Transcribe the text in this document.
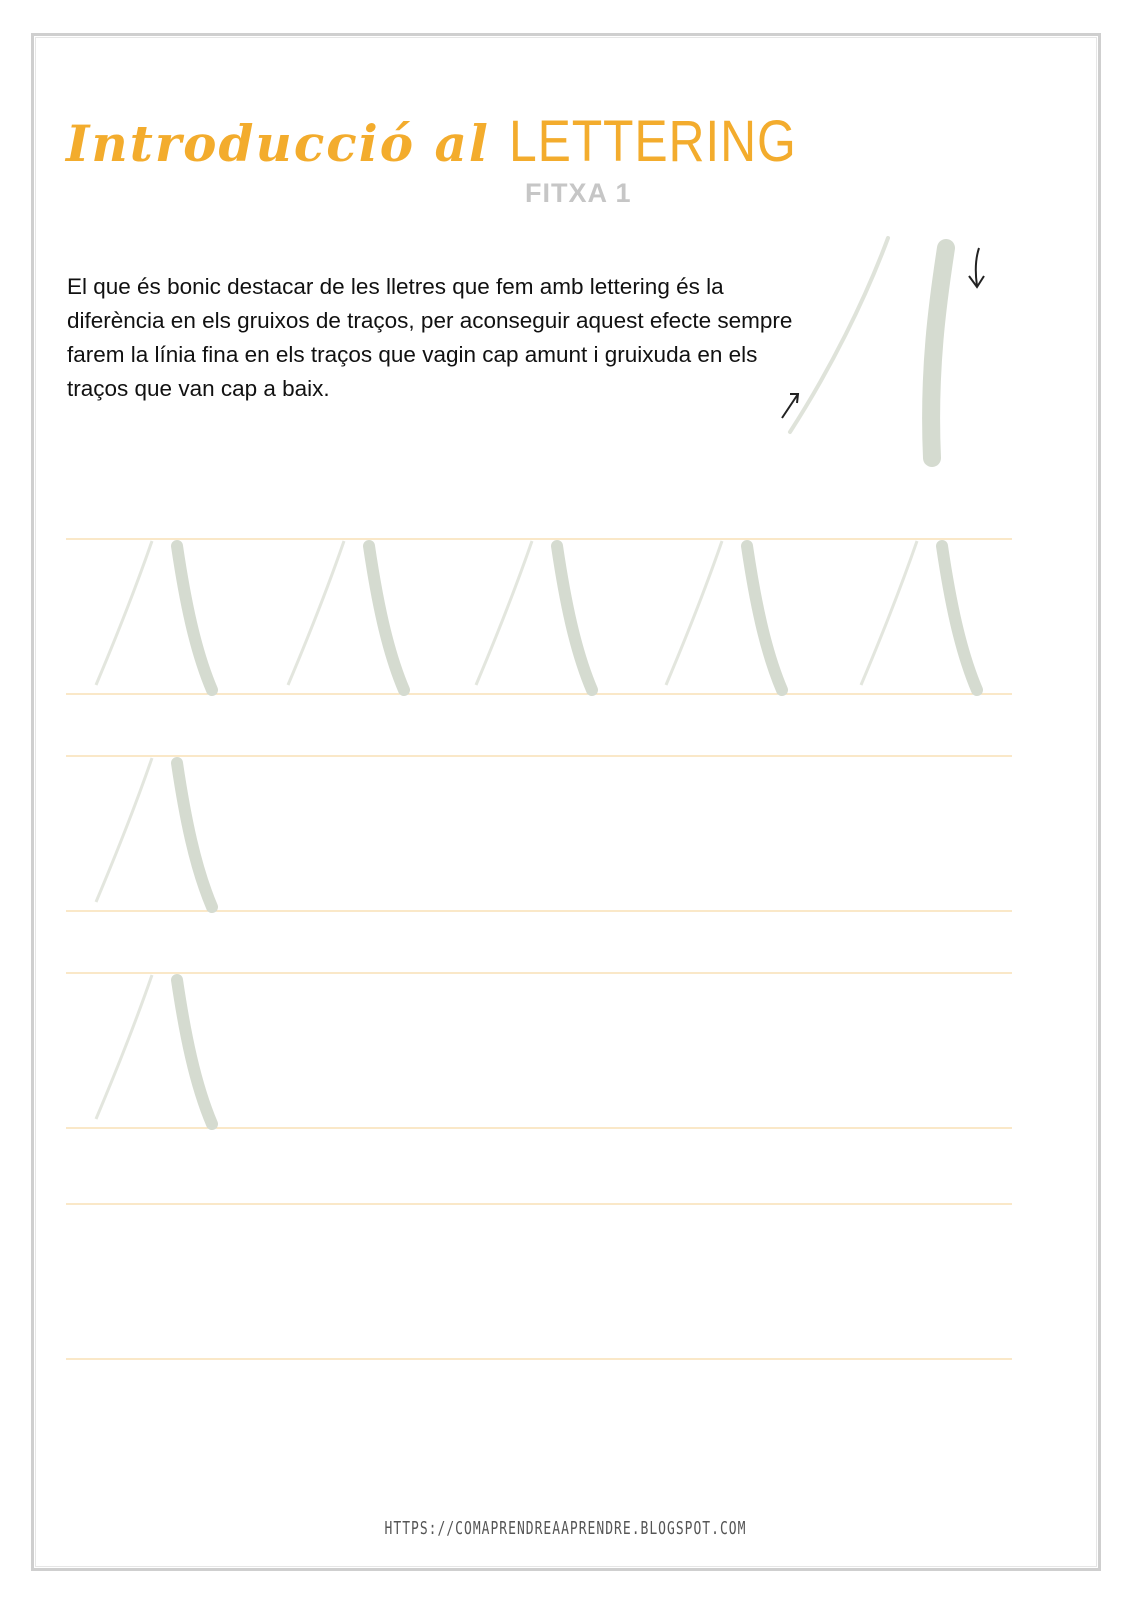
Introducció al LETTERING
FITXA 1
El que és bonic destacar de les lletres que fem amb lettering és la diferència en els gruixos de traços, per aconseguir aquest efecte sempre farem la línia fina en els traços que vagin cap amunt i gruixuda en els traços que van cap a baix.
HTTPS://COMAPRENDREAAPRENDRE.BLOGSPOT.COM
